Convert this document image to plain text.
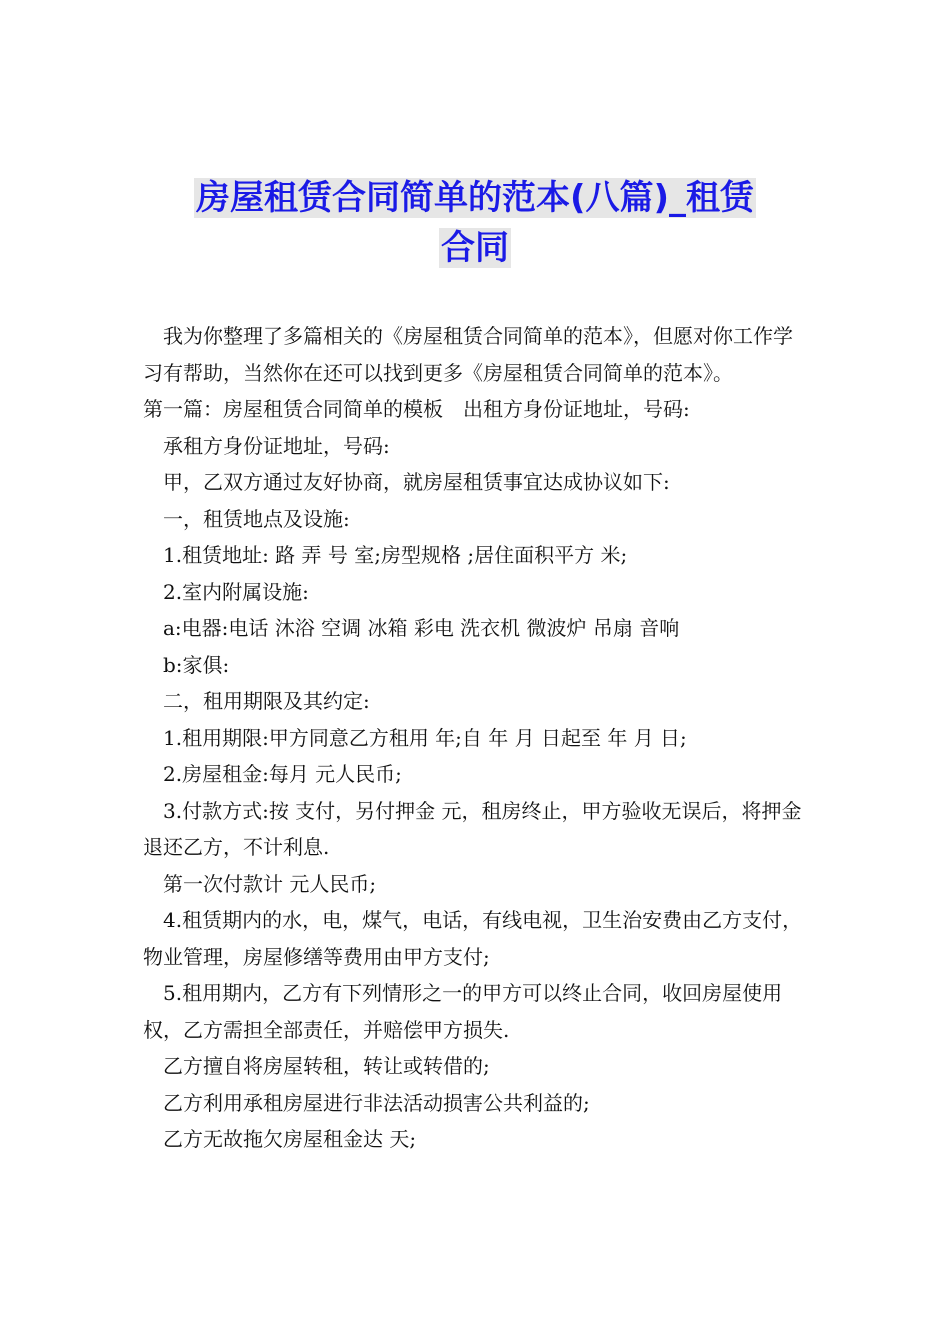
房屋租赁合同简单的范本(八篇)_租赁
合同

我为你整理了多篇相关的《房屋租赁合同简单的范本》，但愿对你工作学习有帮助，当然你在还可以找到更多《房屋租赁合同简单的范本》。

第一篇：房屋租赁合同简单的模板　出租方身份证地址，号码:

承租方身份证地址，号码:

甲，乙双方通过友好协商，就房屋租赁事宜达成协议如下:

一，租赁地点及设施:

1.租赁地址: 路 弄 号 室;房型规格 ;居住面积平方 米;

2.室内附属设施:

a:电器:电话 沐浴 空调 冰箱 彩电 洗衣机 微波炉 吊扇 音响

b:家俱:

二，租用期限及其约定:

1.租用期限:甲方同意乙方租用 年;自 年 月 日起至 年 月 日;

2.房屋租金:每月 元人民币;

3.付款方式:按 支付，另付押金 元，租房终止，甲方验收无误后，将押金退还乙方，不计利息.

第一次付款计 元人民币;

4.租赁期内的水，电，煤气，电话，有线电视，卫生治安费由乙方支付，物业管理，房屋修缮等费用由甲方支付;

5.租用期内，乙方有下列情形之一的甲方可以终止合同，收回房屋使用权，乙方需担全部责任，并赔偿甲方损失.

乙方擅自将房屋转租，转让或转借的;

乙方利用承租房屋进行非法活动损害公共利益的;

乙方无故拖欠房屋租金达 天;
